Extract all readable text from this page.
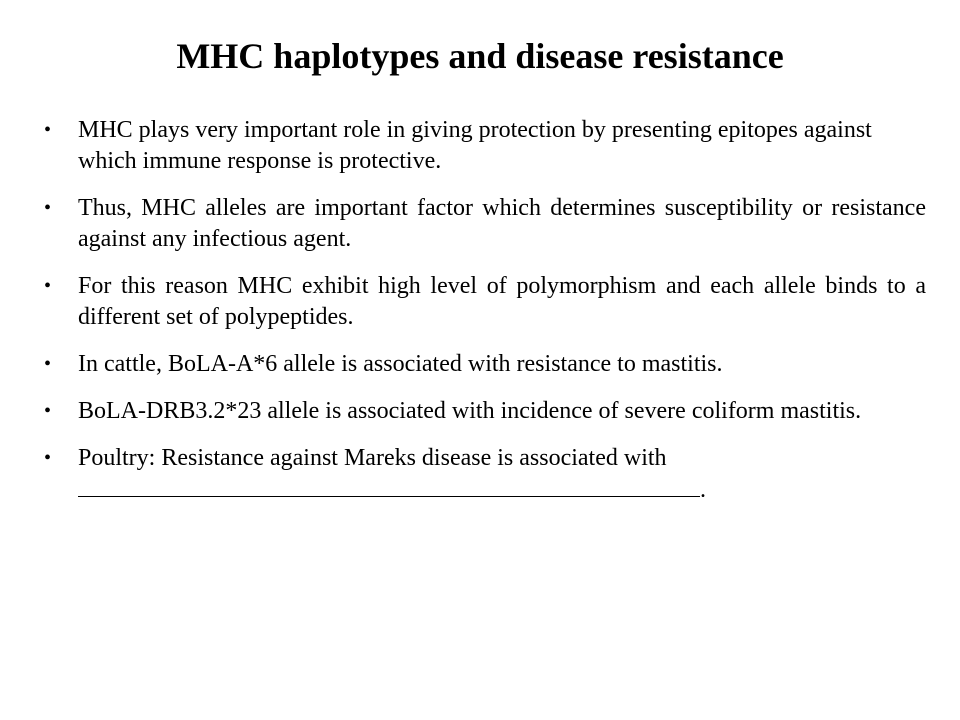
MHC haplotypes and disease resistance
• MHC plays very important role in giving protection by presenting epitopes against which immune response is protective.
• Thus, MHC alleles are important factor which determines susceptibility or resistance against any infectious agent.
• For this reason MHC exhibit high level of polymorphism and each allele binds to a different set of polypeptides.
• In cattle, BoLA-A*6 allele is associated with resistance to mastitis.
• BoLA-DRB3.2*23 allele is associated with incidence of severe coliform mastitis.
• Poultry: Resistance against Mareks disease is associated with
.
